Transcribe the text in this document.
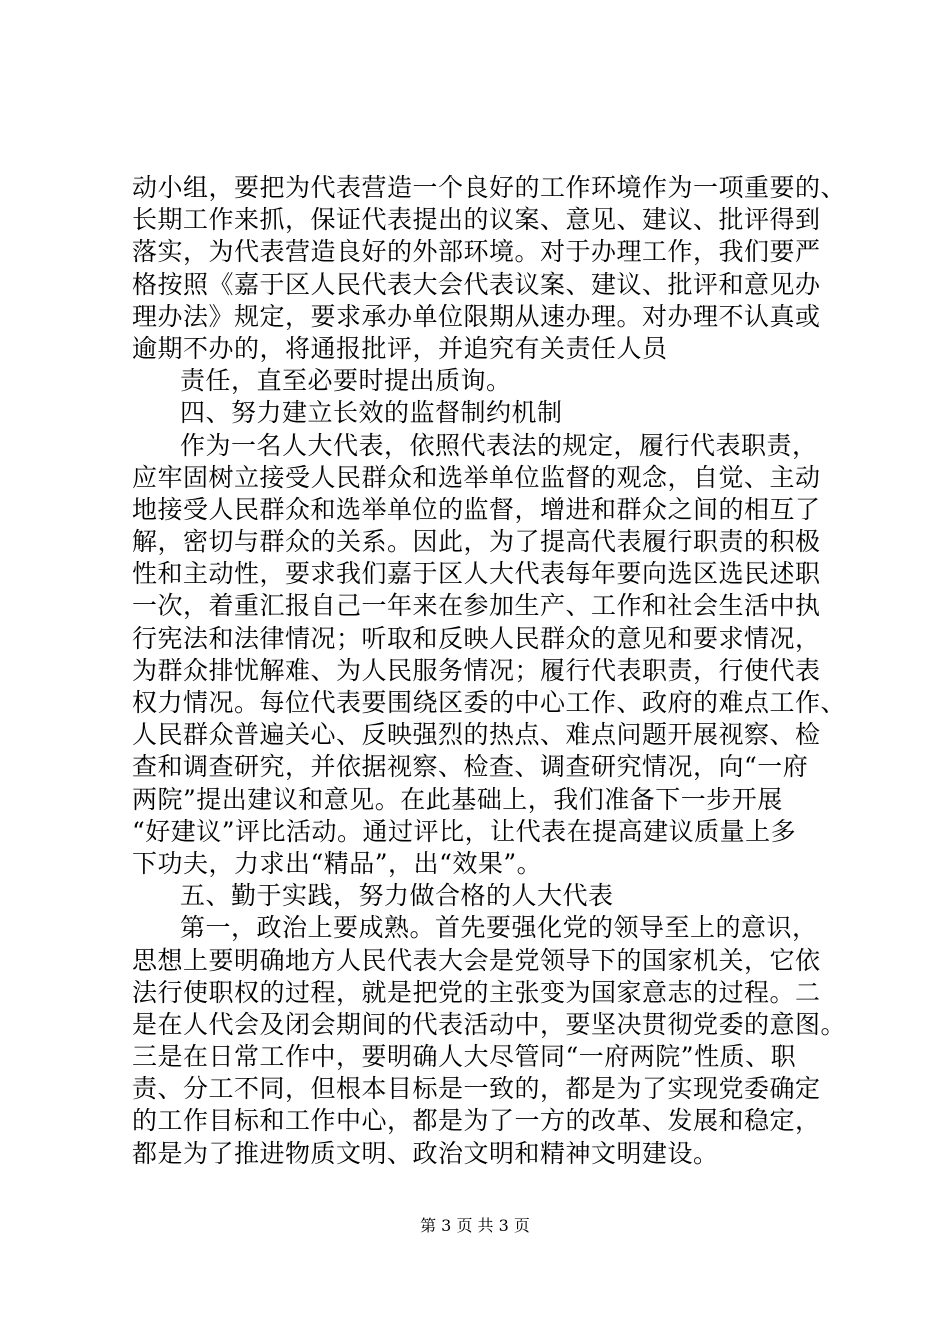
动小组，要把为代表营造一个良好的工作环境作为一项重要的、
长期工作来抓，保证代表提出的议案、意见、建议、批评得到
落实，为代表营造良好的外部环境。对于办理工作，我们要严
格按照《嘉于区人民代表大会代表议案、建议、批评和意见办
理办法》规定，要求承办单位限期从速办理。对办理不认真或
逾期不办的，将通报批评，并追究有关责任人员
责任，直至必要时提出质询。
四、努力建立长效的监督制约机制
作为一名人大代表，依照代表法的规定，履行代表职责，
应牢固树立接受人民群众和选举单位监督的观念，自觉、主动
地接受人民群众和选举单位的监督，增进和群众之间的相互了
解，密切与群众的关系。因此，为了提高代表履行职责的积极
性和主动性，要求我们嘉于区人大代表每年要向选区选民述职
一次，着重汇报自己一年来在参加生产、工作和社会生活中执
行宪法和法律情况；听取和反映人民群众的意见和要求情况，
为群众排忧解难、为人民服务情况；履行代表职责，行使代表
权力情况。每位代表要围绕区委的中心工作、政府的难点工作、
人民群众普遍关心、反映强烈的热点、难点问题开展视察、检
查和调查研究，并依据视察、检查、调查研究情况，向“一府
两院”提出建议和意见。在此基础上，我们准备下一步开展
“好建议”评比活动。通过评比，让代表在提高建议质量上多
下功夫，力求出“精品”，出“效果”。
五、勤于实践，努力做合格的人大代表
第一，政治上要成熟。首先要强化党的领导至上的意识，
思想上要明确地方人民代表大会是党领导下的国家机关，它依
法行使职权的过程，就是把党的主张变为国家意志的过程。二
是在人代会及闭会期间的代表活动中，要坚决贯彻党委的意图。
三是在日常工作中，要明确人大尽管同“一府两院”性质、职
责、分工不同，但根本目标是一致的，都是为了实现党委确定
的工作目标和工作中心，都是为了一方的改革、发展和稳定，
都是为了推进物质文明、政治文明和精神文明建设。
第 3 页 共 3 页
